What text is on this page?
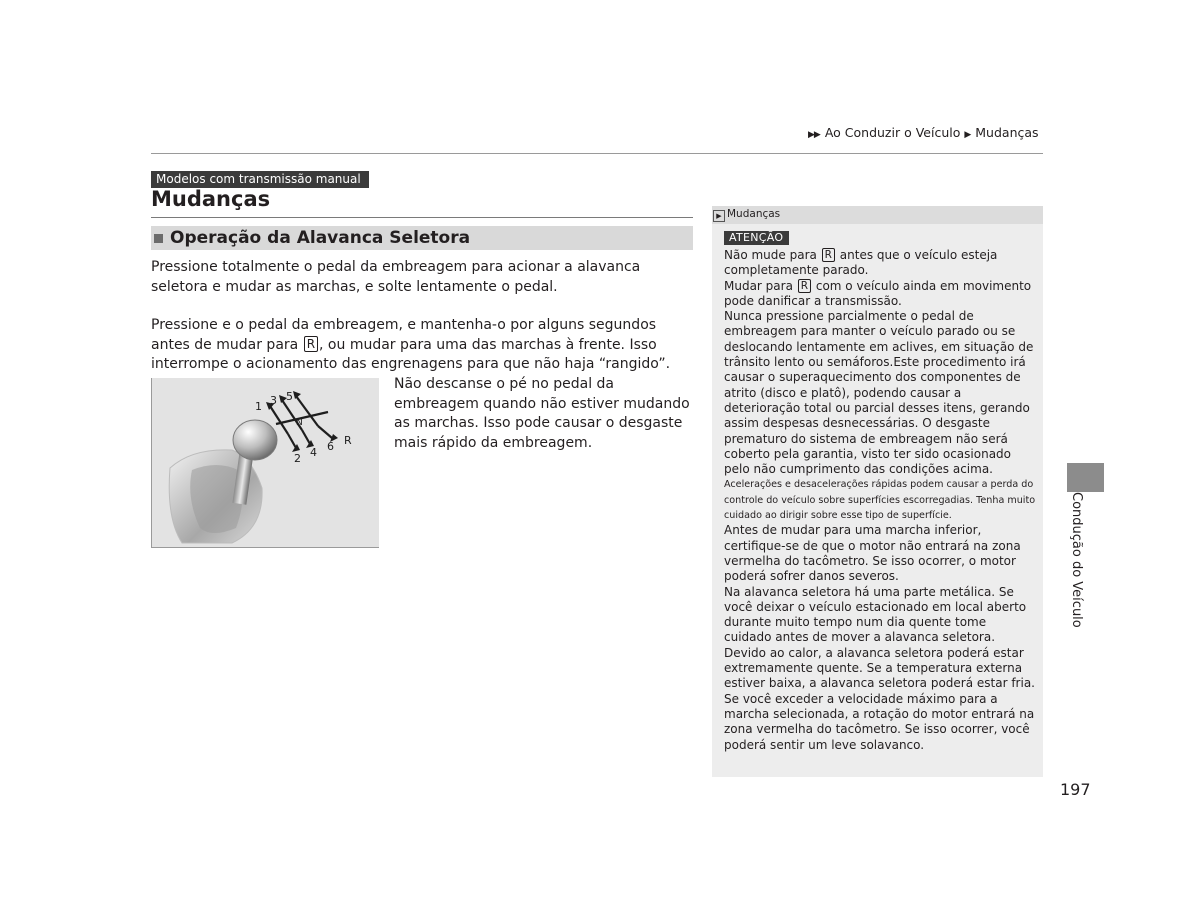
▶▶ Ao Conduzir o Veículo ▶ Mudanças
Modelos com transmissão manual
Mudanças
Operação da Alavanca Seletora
Pressione totalmente o pedal da embreagem para acionar a alavanca seletora e mudar as marchas, e solte lentamente o pedal.
Pressione e o pedal da embreagem, e mantenha-o por alguns segundos antes de mudar para R , ou mudar para uma das marchas à frente. Isso interrompe o acionamento das engrenagens para que não haja “rangido”.
1 3 5
N
2 4 6 R
Não descanse o pé no pedal da embreagem quando não estiver mudando as marchas. Isso pode causar o desgaste mais rápido da embreagem.
▶ Mudanças
ATENÇÃO
Não mude para R antes que o veículo esteja completamente parado.
Mudar para R com o veículo ainda em movimento pode danificar a transmissão.
Nunca pressione parcialmente o pedal de embreagem para manter o veículo parado ou se deslocando lentamente em aclives, em situação de trânsito lento ou semáforos.Este procedimento irá causar o superaquecimento dos componentes de atrito (disco e platô), podendo causar a deterioração total ou parcial desses itens, gerando assim despesas desnecessárias. O desgaste prematuro do sistema de embreagem não será coberto pela garantia, visto ter sido ocasionado pelo não cumprimento das condições acima.
Acelerações e desacelerações rápidas podem causar a perda do controle do veículo sobre superfícies escorregadias. Tenha muito cuidado ao dirigir sobre esse tipo de superfície.
Antes de mudar para uma marcha inferior, certifique-se de que o motor não entrará na zona vermelha do tacômetro. Se isso ocorrer, o motor poderá sofrer danos severos.
Na alavanca seletora há uma parte metálica. Se você deixar o veículo estacionado em local aberto durante muito tempo num dia quente tome cuidado antes de mover a alavanca seletora. Devido ao calor, a alavanca seletora poderá estar extremamente quente. Se a temperatura externa estiver baixa, a alavanca seletora poderá estar fria.
Se você exceder a velocidade máximo para a marcha selecionada, a rotação do motor entrará na zona vermelha do tacômetro. Se isso ocorrer, você poderá sentir um leve solavanco.
Condução do Veículo
197
